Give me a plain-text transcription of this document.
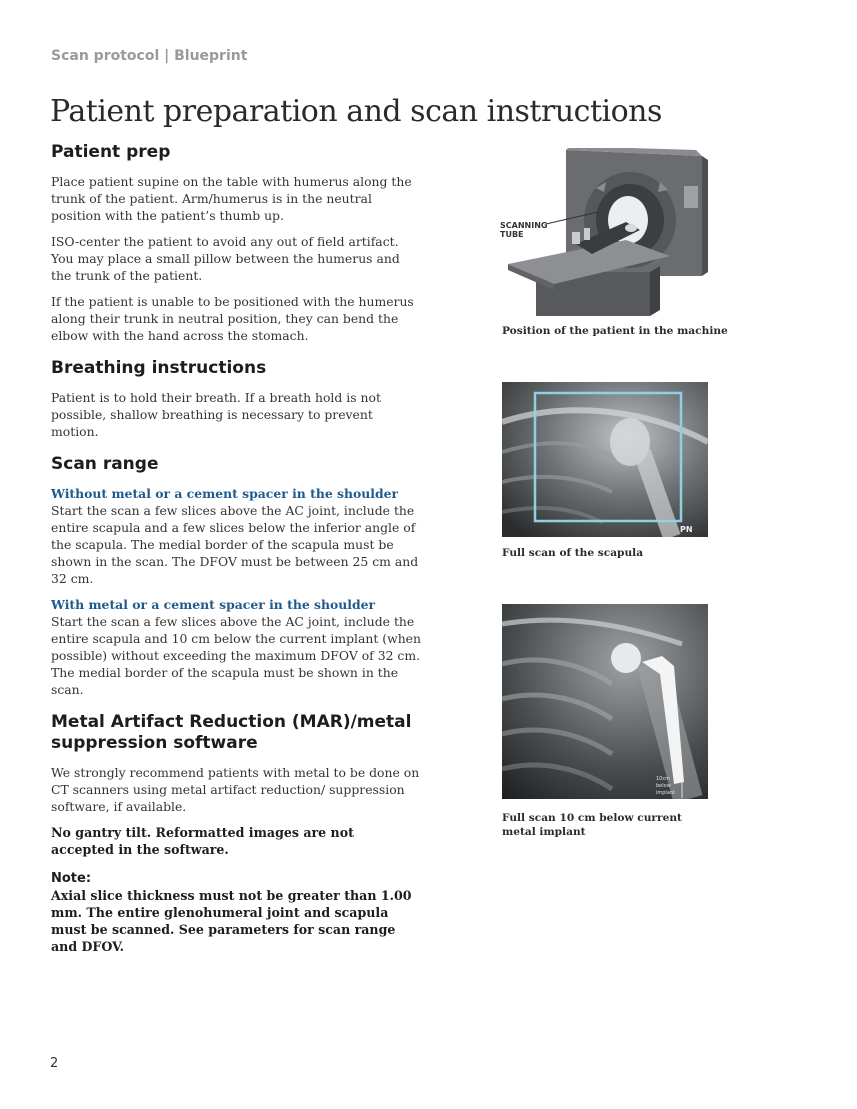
Scan protocol | Blueprint
Patient preparation and scan instructions
Patient prep

Place patient supine on the table with humerus along the trunk of the patient. Arm/humerus is in the neutral position with the patient’s thumb up.

ISO-center the patient to avoid any out of field artifact. You may place a small pillow between the humerus and the trunk of the patient.

If the patient is unable to be positioned with the humerus along their trunk in neutral position, they can bend the elbow with the hand across the stomach.

Breathing instructions

Patient is to hold their breath. If a breath hold is not possible, shallow breathing is necessary to prevent motion.

Scan range

Without metal or a cement spacer in the shoulder
Start the scan a few slices above the AC joint, include the entire scapula and a few slices below the inferior angle of the scapula. The medial border of the scapula must be shown in the scan. The DFOV must be between 25 cm and 32 cm.

With metal or a cement spacer in the shoulder
Start the scan a few slices above the AC joint, include the entire scapula and 10 cm below the current implant (when possible) without exceeding the maximum DFOV of 32 cm. The medial border of the scapula must be shown in the scan.

Metal Artifact Reduction (MAR)/metal suppression software

We strongly recommend patients with metal to be done on CT scanners using metal artifact reduction/ suppression software, if available.

No gantry tilt. Reformatted images are not accepted in the software.

Note:
Axial slice thickness must not be greater than 1.00 mm. The entire glenohumeral joint and scapula must be scanned. See parameters for scan range and DFOV.

SCANNING
TUBE
Position of the patient in the machine
PN
Full scan of the scapula
10cm
below
implant
Full scan 10 cm below current metal implant
2
